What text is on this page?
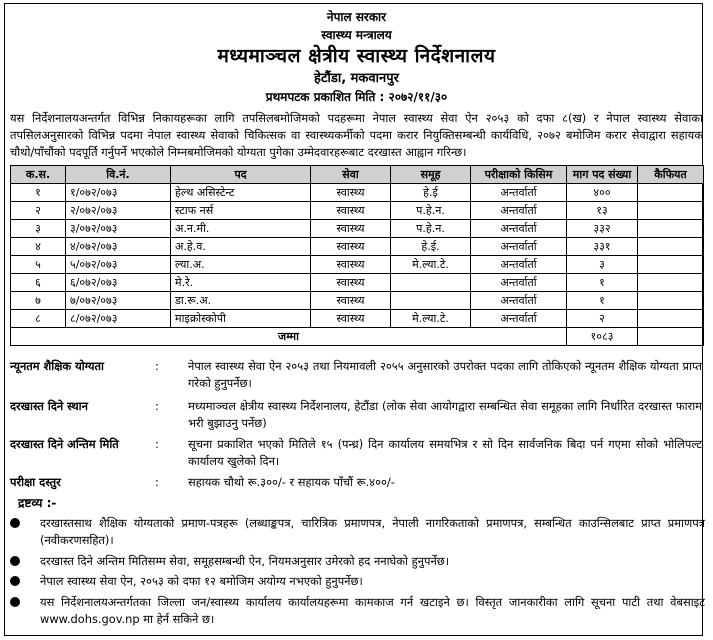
नेपाल सरकार
स्वास्थ्य मन्त्रालय
मध्यमाञ्चल क्षेत्रीय स्वास्थ्य निर्देशनालय
हेटौंडा, मकवानपुर
प्रथमपटक प्रकाशित मिति : २०७२/११/३०

यस निर्देशनालयअन्तर्गत विभिन्न निकायहरूका लागि तपसिलबमोजिमको पदहरूमा नेपाल स्वास्थ्य सेवा ऐन २०५३ को दफा ८(ख) र नेपाल स्वास्थ्य सेवाका तपसिलअनुसारको विभिन्न पदमा नेपाल स्वास्थ्य सेवाको चिकित्सक वा स्वास्थ्यकर्मीको पदमा करार नियुक्तिसम्बन्धी कार्यविधि, २०७२ बमोजिम करार सेवाद्वारा सहायक चौथो/पाँचौंको पदपूर्ति गर्नुपर्ने भएकोले निम्नबमोजिमको योग्यता पुगेका उम्मेदवारहरूबाट दरखास्त आह्वान गरिन्छ।

क.स.	वि.नं.	पद	सेवा	समूह	परीक्षाको किसिम	माग पद संख्या	कैफियत
१	१/०७२/०७३	हेल्थ असिस्टेन्ट	स्वास्थ्य	हे.ई	अन्तर्वार्ता	४००	
२	२/०७२/०७३	स्टाफ नर्स	स्वास्थ्य	प.हे.न.	अन्तर्वार्ता	१३	
३	३/०७२/०७३	अ.न.मी.	स्वास्थ्य	प.हे.न.	अन्तर्वार्ता	३३२	
४	४/०७२/०७३	अ.हे.व.	स्वास्थ्य	हे.ई.	अन्तर्वार्ता	३३१	
५	५/०७२/०७३	ल्या.अ.	स्वास्थ्य	मे.ल्या.टे.	अन्तर्वार्ता	३	
६	६/०७२/०७३	मे.रे.	स्वास्थ्य		अन्तर्वार्ता	१	
७	७/०७२/०७३	डा.रू.अ.	स्वास्थ्य		अन्तर्वार्ता	१	
८	८/०७२/०७३	माइक्रोस्कोपी	स्वास्थ्य	मे.ल्या.टे.	अन्तर्वार्ता	२	
जम्मा						१०८३	
न्यूनतम शैक्षिक योग्यता	:	नेपाल स्वास्थ्य सेवा ऐन २०५३ तथा नियमावली २०५५ अनुसारको उपरोक्त पदका लागि तोकिएको न्यूनतम शैक्षिक योग्यता प्राप्त गरेको हुनुपर्नेछ।
दरखास्त दिने स्थान	:	मध्यमाञ्चल क्षेत्रीय स्वास्थ्य निर्देशनालय, हेटौंडा (लोक सेवा आयोगद्वारा सम्बन्धित सेवा समूहका लागि निर्धारित दरखास्त फाराम भरी बुझाउनु पर्नेछ)
दरखास्त दिने अन्तिम मिति	:	सूचना प्रकाशित भएको मितिले १५ (पन्ध्र) दिन कार्यालय समयभित्र र सो दिन सार्वजनिक बिदा पर्न गएमा सोको भोलिपल्ट कार्यालय खुलेको दिन।
परीक्षा दस्तुर	:	सहायक चौथो रू.३००/- र सहायक पाँचौं रू.४००/-
द्रष्टव्य :-
दरखास्तसाथ शैक्षिक योग्यताको प्रमाण-पत्रहरू (लब्धाङ्कपत्र, चारित्रिक प्रमाणपत्र, नेपाली नागरिकताको प्रमाणपत्र, सम्बन्धित काउन्सिलबाट प्राप्त प्रमाणपत्र (नवीकरणसहित)।
दरखास्त दिने अन्तिम मितिसम्म सेवा, समूहसम्बन्धी ऐन, नियमअनुसार उमेरको हद ननाघेको हुनुपर्नेछ।
नेपाल स्वास्थ्य सेवा ऐन, २०५३ को दफा १२ बमोजिम अयोग्य नभएको हुनुपर्नेछ।
यस निर्देशनालयअन्तर्गतका जिल्ला जन/स्वास्थ्य कार्यालय कार्यालयहरूमा कामकाज गर्न खटाइने छ। विस्तृत जानकारीका लागि सूचना पाटी तथा वेबसाइट www.dohs.gov.np मा हेर्न सकिने छ।
